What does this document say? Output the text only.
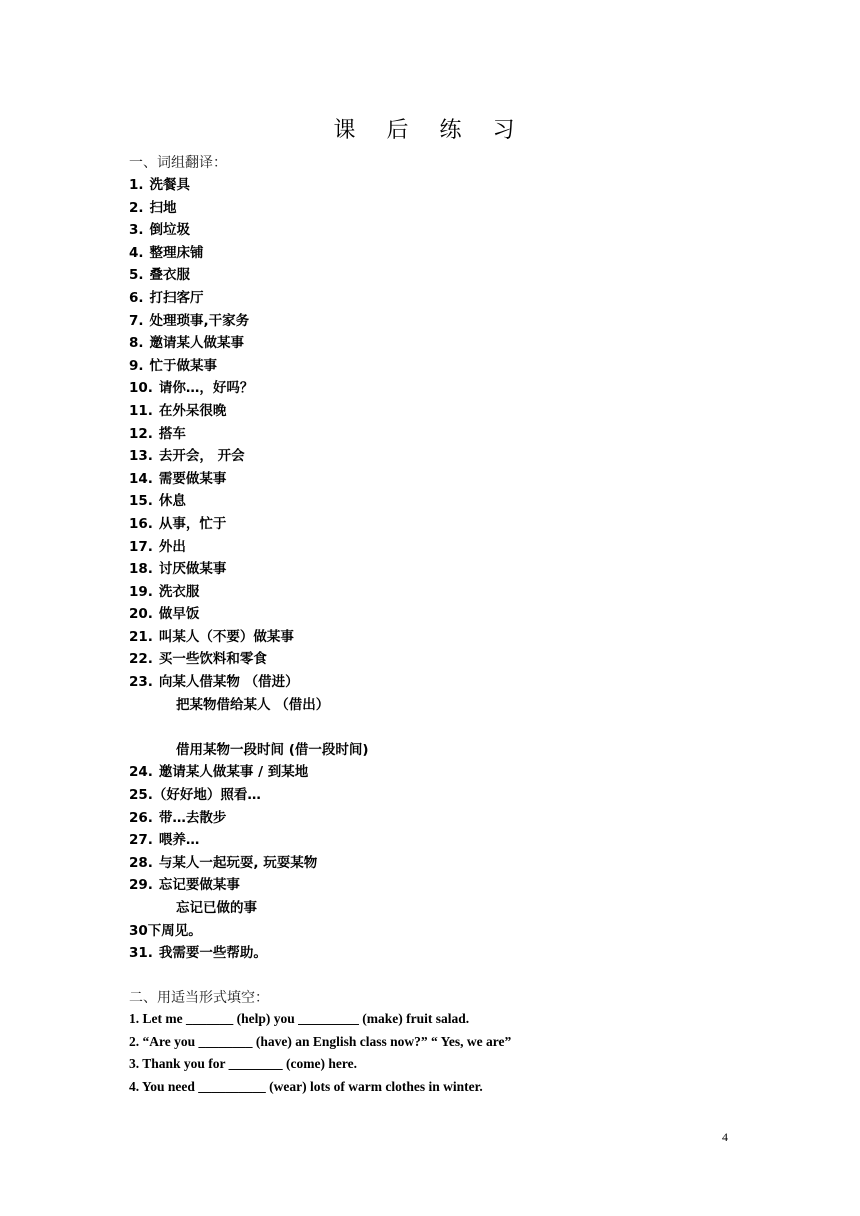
课 后 练 习
一、词组翻译：
1. 洗餐具
2. 扫地
3. 倒垃圾
4. 整理床铺
5. 叠衣服
6. 打扫客厅
7. 处理琐事,干家务
8. 邀请某人做某事
9. 忙于做某事
10. 请你…，好吗？
11. 在外呆很晚
12. 搭车
13. 去开会， 开会
14. 需要做某事
15. 休息
16. 从事，忙于
17. 外出
18. 讨厌做某事
19. 洗衣服
20. 做早饭
21. 叫某人（不要）做某事
22. 买一些饮料和零食
23. 向某人借某物 （借进）
把某物借给某人 （借出）
借用某物一段时间 (借一段时间)
24. 邀请某人做某事 / 到某地
25.（好好地）照看…
26. 带…去散步
27. 喂养…
28. 与某人一起玩耍, 玩耍某物
29. 忘记要做某事
忘记已做的事
30下周见。
31. 我需要一些帮助。
二、用适当形式填空：
1. Let me _______ (help) you _________ (make) fruit salad.
2. “Are you ________ (have) an English class now?” “ Yes, we are”
3. Thank you for ________ (come) here.
4. You need __________ (wear) lots of warm clothes in winter.
4
